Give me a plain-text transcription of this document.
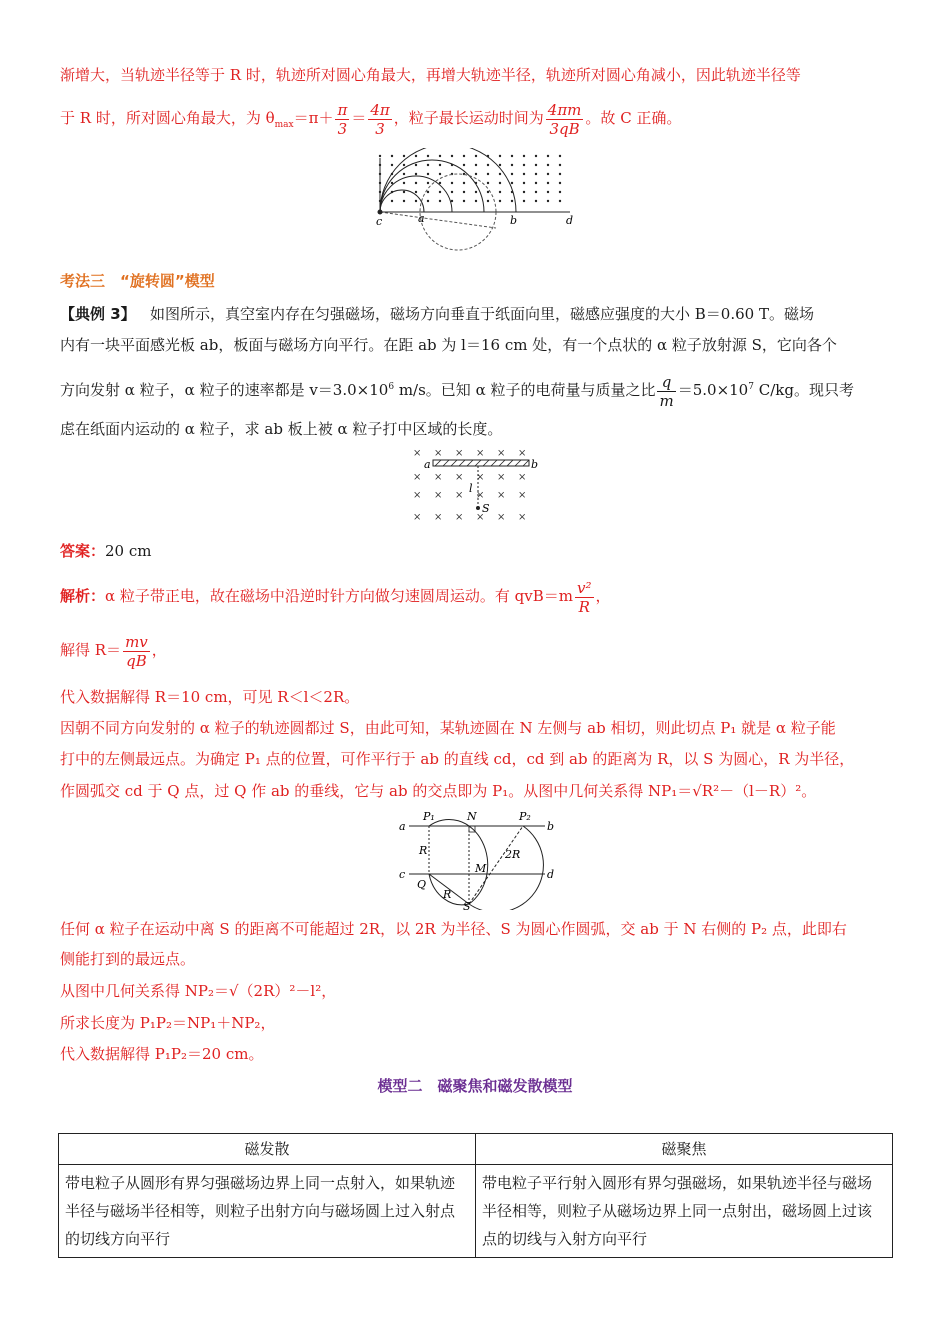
渐增大，当轨迹半径等于 R 时，轨迹所对圆心角最大，再增大轨迹半径，轨迹所对圆心角减小，因此轨迹半径等
于 R 时，所对圆心角最大，为 $\theta_{max}=\pi+ \frac{\pi}{3} = \frac{4\pi}{3}$ ，粒子最长运动时间为 $\frac{4\pi m}{3qB}$ 。故 C 正确。
c	a	b	d
考法三　“旋转圆”模型
【典例 3】 如图所示，真空室内存在匀强磁场，磁场方向垂直于纸面向里，磁感应强度的大小 B＝0.60 T。磁场
内有一块平面感光板 ab，板面与磁场方向平行。在距 ab 为 l＝16 cm 处，有一个点状的 α 粒子放射源 S，它向各个
方向发射 α 粒子，α 粒子的速率都是 $v=3.0\times 10^6$ m/s。已知 α 粒子的电荷量与质量之比 $\frac{q}{m} =5.0\times 10^7$ C/kg。现只考
虑在纸面内运动的 α 粒子，求 ab 板上被 α 粒子打中区域的长度。
× × × × × ×
× × × × × ×
× × × × × ×
× × × × × ×
a	b
l
S
答案：20 cm
解析：α 粒子带正电，故在磁场中沿逆时针方向做匀速圆周运动。有 $qvB=m \frac{\text{v²}}{R}$ ，
解得 $R= \frac{mv}{qB}$ ，
代入数据解得 R＝10 cm，可见 R＜l＜2R。
因朝不同方向发射的 α 粒子的轨迹圆都过 S，由此可知，某轨迹圆在 N 左侧与 ab 相切，则此切点 P₁ 就是 α 粒子能
打中的左侧最远点。为确定 P₁ 点的位置，可作平行于 ab 的直线 cd，cd 到 ab 的距离为 R，以 S 为圆心，R 为半径，
作圆弧交 cd 于 Q 点，过 Q 作 ab 的垂线，它与 ab 的交点即为 P₁。从图中几何关系得 NP₁＝√R²－（l－R）²。
a
P₁	N	P₂
b
R	2R
M
c
Q
d
R
S
任何 α 粒子在运动中离 S 的距离不可能超过 2R，以 2R 为半径、S 为圆心作圆弧，交 ab 于 N 右侧的 P₂ 点，此即右
侧能打到的最远点。
从图中几何关系得 NP₂＝√（2R）²－l²，
所求长度为 P₁P₂＝NP₁＋NP₂，
代入数据解得 P₁P₂＝20 cm。
模型二　磁聚焦和磁发散模型
磁发散	磁聚焦
带电粒子从圆形有界匀强磁场边界上同一点射入，如果轨迹半径与磁场半径相等，则粒子出射方向与磁场圆上过入射点的切线方向平行	带电粒子平行射入圆形有界匀强磁场，如果轨迹半径与磁场半径相等，则粒子从磁场边界上同一点射出，磁场圆上过该点的切线与入射方向平行
